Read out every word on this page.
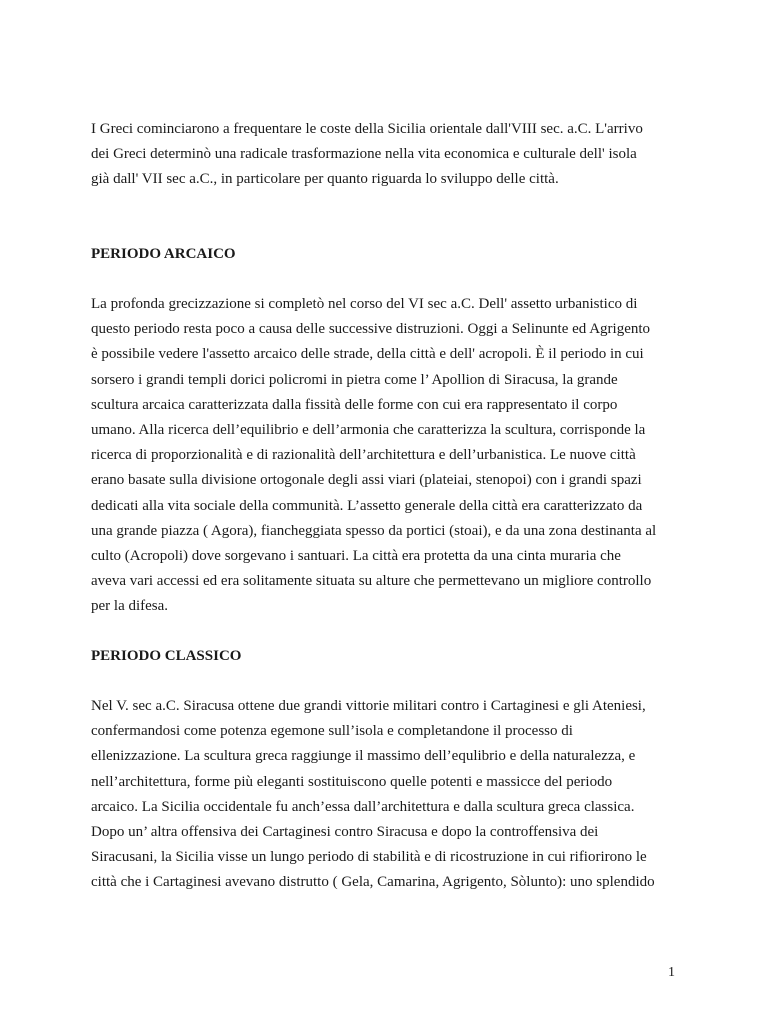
I Greci cominciarono a frequentare le coste della Sicilia orientale dall'VIII sec. a.C. L'arrivo
dei Greci determinò una radicale trasformazione nella vita economica e culturale dell' isola
già dall' VII sec a.C., in particolare per quanto riguarda lo sviluppo delle città.

PERIODO ARCAICO

La profonda grecizzazione si completò nel corso del VI sec a.C. Dell' assetto urbanistico di
questo periodo resta poco a causa delle successive distruzioni. Oggi a Selinunte ed Agrigento
è possibile vedere l'assetto arcaico delle strade, della città e dell' acropoli. È il periodo in cui
sorsero i grandi templi dorici policromi in pietra come l’ Apollion di Siracusa, la grande
scultura arcaica caratterizzata dalla fissità delle forme con cui era rappresentato il corpo
umano. Alla ricerca dell’equilibrio e dell’armonia che caratterizza la scultura, corrisponde la
ricerca di proporzionalità e di razionalità dell’architettura e dell’urbanistica. Le nuove città
erano basate sulla divisione ortogonale degli assi viari (plateiai, stenopoi) con i grandi spazi
dedicati alla vita sociale della communità. L’assetto generale della città era caratterizzato da
una grande piazza ( Agora), fiancheggiata spesso da portici (stoai), e da una zona destinanta al
culto (Acropoli) dove sorgevano i santuari. La città era protetta da una cinta muraria che
aveva vari accessi ed era solitamente situata su alture che permettevano un migliore controllo
per la difesa.

PERIODO CLASSICO

Nel V. sec a.C. Siracusa ottene due grandi vittorie militari contro i Cartaginesi e gli Ateniesi,
confermandosi come potenza egemone sull’isola e completandone il processo di
ellenizzazione. La scultura greca raggiunge il massimo dell’equlibrio e della naturalezza, e
nell’architettura, forme più eleganti sostituiscono quelle potenti e massicce del periodo
arcaico. La Sicilia occidentale fu anch’essa dall’architettura e dalla scultura greca classica.
Dopo un’ altra offensiva dei Cartaginesi contro Siracusa e dopo la controffensiva dei
Siracusani, la Sicilia visse un lungo periodo di stabilità e di ricostruzione in cui rifiorirono le
città che i Cartaginesi avevano distrutto ( Gela, Camarina, Agrigento, Sòlunto): uno splendido

1
